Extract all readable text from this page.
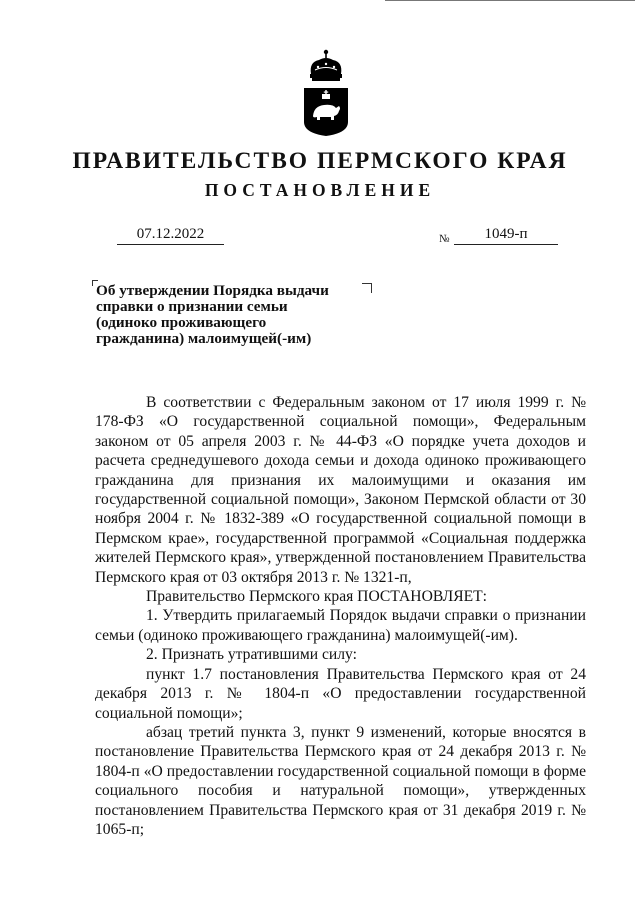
ПРАВИТЕЛЬСТВО ПЕРМСКОГО КРАЯ
ПОСТАНОВЛЕНИЕ
07.12.2022	№	1049-п
Об утверждении Порядка выдачи
справки о признании семьи
(одиноко проживающего
гражданина) малоимущей(-им)

В соответствии с Федеральным законом от 17 июля 1999 г. № 178-ФЗ «О государственной социальной помощи», Федеральным законом от 05 апреля 2003 г. № 44-ФЗ «О порядке учета доходов и расчета среднедушевого дохода семьи и дохода одиноко проживающего гражданина для признания их малоимущими и оказания им государственной социальной помощи», Законом Пермской области от 30 ноября 2004 г. № 1832-389 «О государственной социальной помощи в Пермском крае», государственной программой «Социальная поддержка жителей Пермского края», утвержденной постановлением Правительства Пермского края от 03 октября 2013 г. № 1321-п,

Правительство Пермского края ПОСТАНОВЛЯЕТ:

1. Утвердить прилагаемый Порядок выдачи справки о признании семьи (одиноко проживающего гражданина) малоимущей(-им).

2. Признать утратившими силу:

пункт 1.7 постановления Правительства Пермского края от 24 декабря 2013 г. № 1804-п «О предоставлении государственной социальной помощи»;

абзац третий пункта 3, пункт 9 изменений, которые вносятся в постановление Правительства Пермского края от 24 декабря 2013 г. № 1804-п «О предоставлении государственной социальной помощи в форме социального пособия и натуральной помощи», утвержденных постановлением Правительства Пермского края от 31 декабря 2019 г. № 1065-п;
